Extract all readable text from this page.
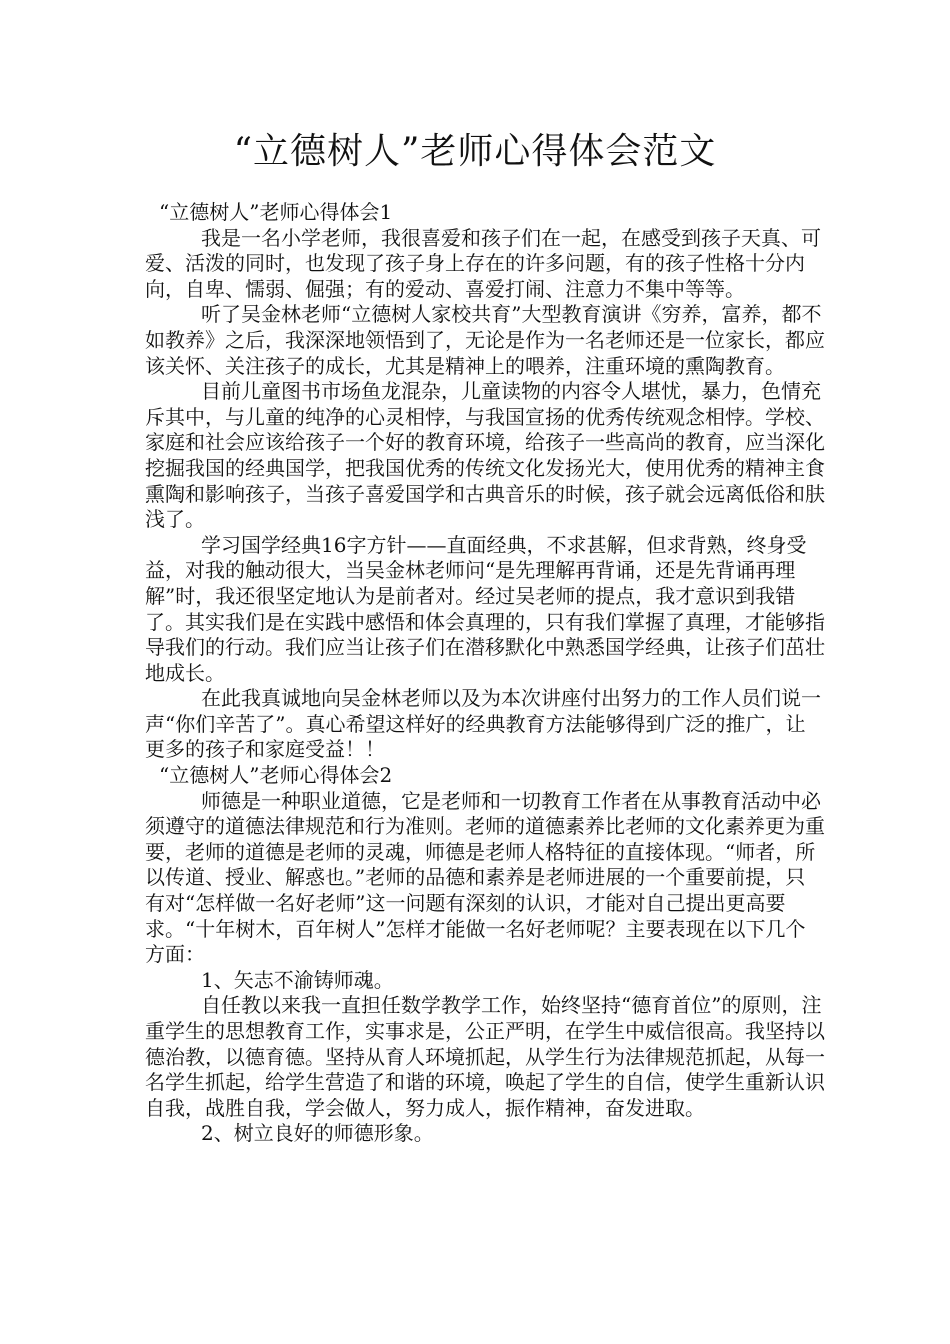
“立德树人”老师心得体会范文

“立德树人”老师心得体会1

我是一名小学老师，我很喜爱和孩子们在一起，在感受到孩子天真、可爱、活泼的同时，也发现了孩子身上存在的许多问题，有的孩子性格十分内向，自卑、懦弱、倔强；有的爱动、喜爱打闹、注意力不集中等等。

听了吴金林老师“立德树人家校共育”大型教育演讲《穷养，富养，都不如教养》之后，我深深地领悟到了，无论是作为一名老师还是一位家长，都应该关怀、关注孩子的成长，尤其是精神上的喂养，注重环境的熏陶教育。

目前儿童图书市场鱼龙混杂，儿童读物的内容令人堪忧，暴力，色情充斥其中，与儿童的纯净的心灵相悖，与我国宣扬的优秀传统观念相悖。学校、家庭和社会应该给孩子一个好的教育环境，给孩子一些高尚的教育，应当深化挖掘我国的经典国学，把我国优秀的传统文化发扬光大，使用优秀的精神主食熏陶和影响孩子，当孩子喜爱国学和古典音乐的时候，孩子就会远离低俗和肤浅了。

学习国学经典16字方针——直面经典，不求甚解，但求背熟，终身受益，对我的触动很大，当吴金林老师问“是先理解再背诵，还是先背诵再理解”时，我还很坚定地认为是前者对。经过吴老师的提点，我才意识到我错了。其实我们是在实践中感悟和体会真理的，只有我们掌握了真理，才能够指导我们的行动。我们应当让孩子们在潜移默化中熟悉国学经典，让孩子们茁壮地成长。

在此我真诚地向吴金林老师以及为本次讲座付出努力的工作人员们说一声“你们辛苦了”。真心希望这样好的经典教育方法能够得到广泛的推广，让更多的孩子和家庭受益！！

“立德树人”老师心得体会2

师德是一种职业道德，它是老师和一切教育工作者在从事教育活动中必须遵守的道德法律规范和行为准则。老师的道德素养比老师的文化素养更为重要，老师的道德是老师的灵魂，师德是老师人格特征的直接体现。“师者，所以传道、授业、解惑也。”老师的品德和素养是老师进展的一个重要前提，只有对“怎样做一名好老师”这一问题有深刻的认识，才能对自己提出更高要求。“十年树木，百年树人”怎样才能做一名好老师呢？主要表现在以下几个方面：

1、矢志不渝铸师魂。

自任教以来我一直担任数学教学工作，始终坚持“德育首位”的原则，注重学生的思想教育工作，实事求是，公正严明，在学生中威信很高。我坚持以德治教，以德育德。坚持从育人环境抓起，从学生行为法律规范抓起，从每一名学生抓起，给学生营造了和谐的环境，唤起了学生的自信，使学生重新认识自我，战胜自我，学会做人，努力成人，振作精神，奋发进取。

2、树立良好的师德形象。
